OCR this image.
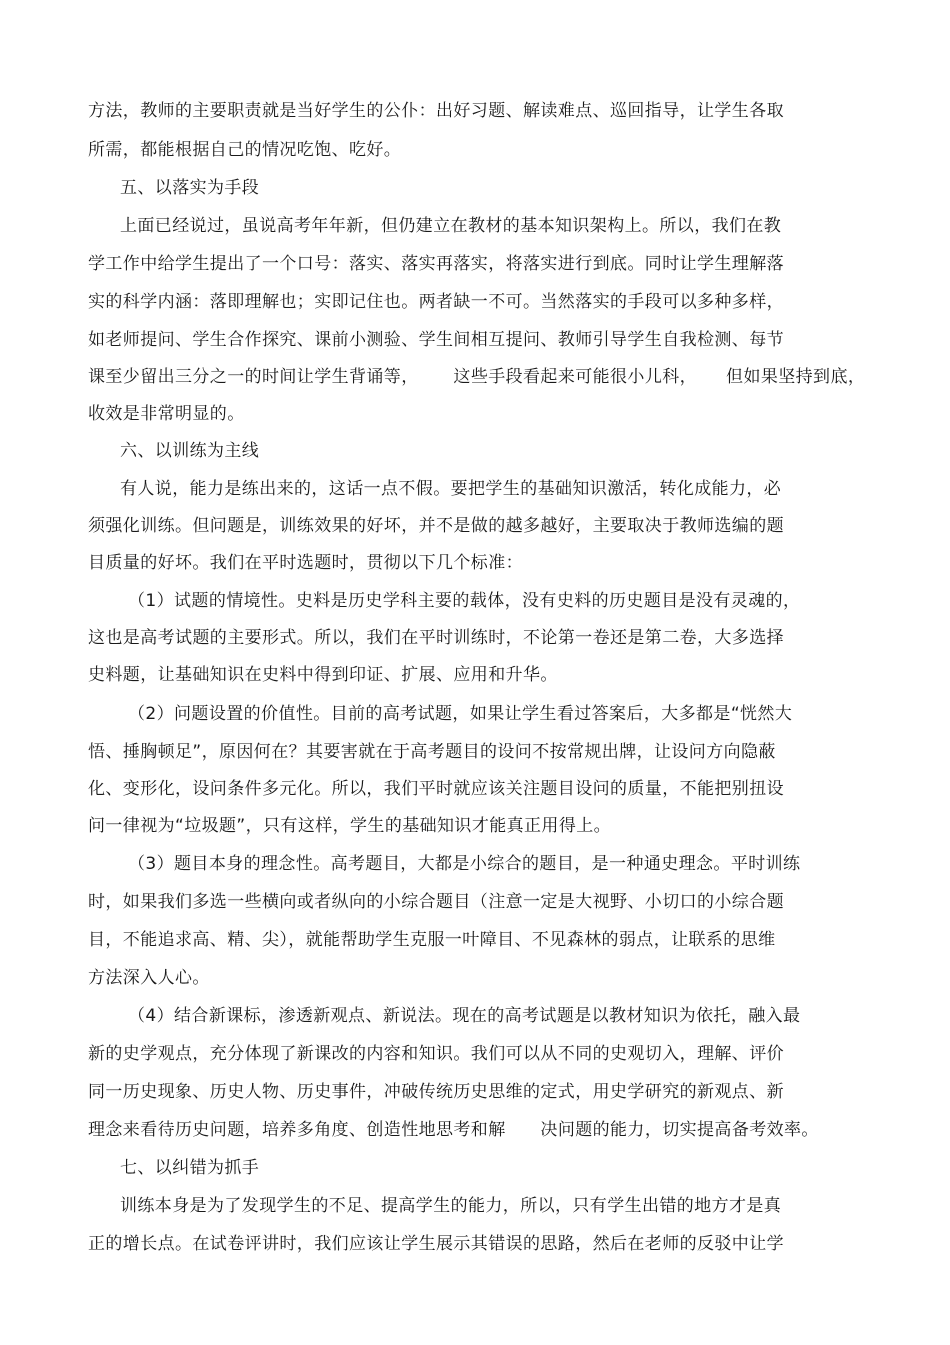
方法，教师的主要职责就是当好学生的公仆：出好习题、解读难点、巡回指导，让学生各取
所需，都能根据自己的情况吃饱、吃好。
五、以落实为手段
上面已经说过，虽说高考年年新，但仍建立在教材的基本知识架构上。所以，我们在教
学工作中给学生提出了一个口号：落实、落实再落实，将落实进行到底。同时让学生理解落
实的科学内涵：落即理解也；实即记住也。两者缺一不可。当然落实的手段可以多种多样，
如老师提问、学生合作探究、课前小测验、学生间相互提问、教师引导学生自我检测、每节
课至少留出三分之一的时间让学生背诵等，      这些手段看起来可能很小儿科，     但如果坚持到底，
收效是非常明显的。
六、以训练为主线
有人说，能力是练出来的，这话一点不假。要把学生的基础知识激活，转化成能力，必
须强化训练。但问题是，训练效果的好坏，并不是做的越多越好，主要取决于教师选编的题
目质量的好坏。我们在平时选题时，贯彻以下几个标准：
（1）试题的情境性。史料是历史学科主要的载体，没有史料的历史题目是没有灵魂的，
这也是高考试题的主要形式。所以，我们在平时训练时，不论第一卷还是第二卷，大多选择
史料题，让基础知识在史料中得到印证、扩展、应用和升华。
（2）问题设置的价值性。目前的高考试题，如果让学生看过答案后，大多都是“恍然大
悟、捶胸顿足”，原因何在？其要害就在于高考题目的设问不按常规出牌，让设问方向隐蔽
化、变形化，设问条件多元化。所以，我们平时就应该关注题目设问的质量，不能把别扭设
问一律视为“垃圾题”，只有这样，学生的基础知识才能真正用得上。
（3）题目本身的理念性。高考题目，大都是小综合的题目，是一种通史理念。平时训练
时，如果我们多选一些横向或者纵向的小综合题目（注意一定是大视野、小切口的小综合题
目，不能追求高、精、尖），就能帮助学生克服一叶障目、不见森林的弱点，让联系的思维
方法深入人心。
（4）结合新课标，渗透新观点、新说法。现在的高考试题是以教材知识为依托，融入最
新的史学观点，充分体现了新课改的内容和知识。我们可以从不同的史观切入，理解、评价
同一历史现象、历史人物、历史事件，冲破传统历史思维的定式，用史学研究的新观点、新
理念来看待历史问题，培养多角度、创造性地思考和解      决问题的能力，切实提高备考效率。
七、以纠错为抓手
训练本身是为了发现学生的不足、提高学生的能力，所以，只有学生出错的地方才是真
正的增长点。在试卷评讲时，我们应该让学生展示其错误的思路，然后在老师的反驳中让学
